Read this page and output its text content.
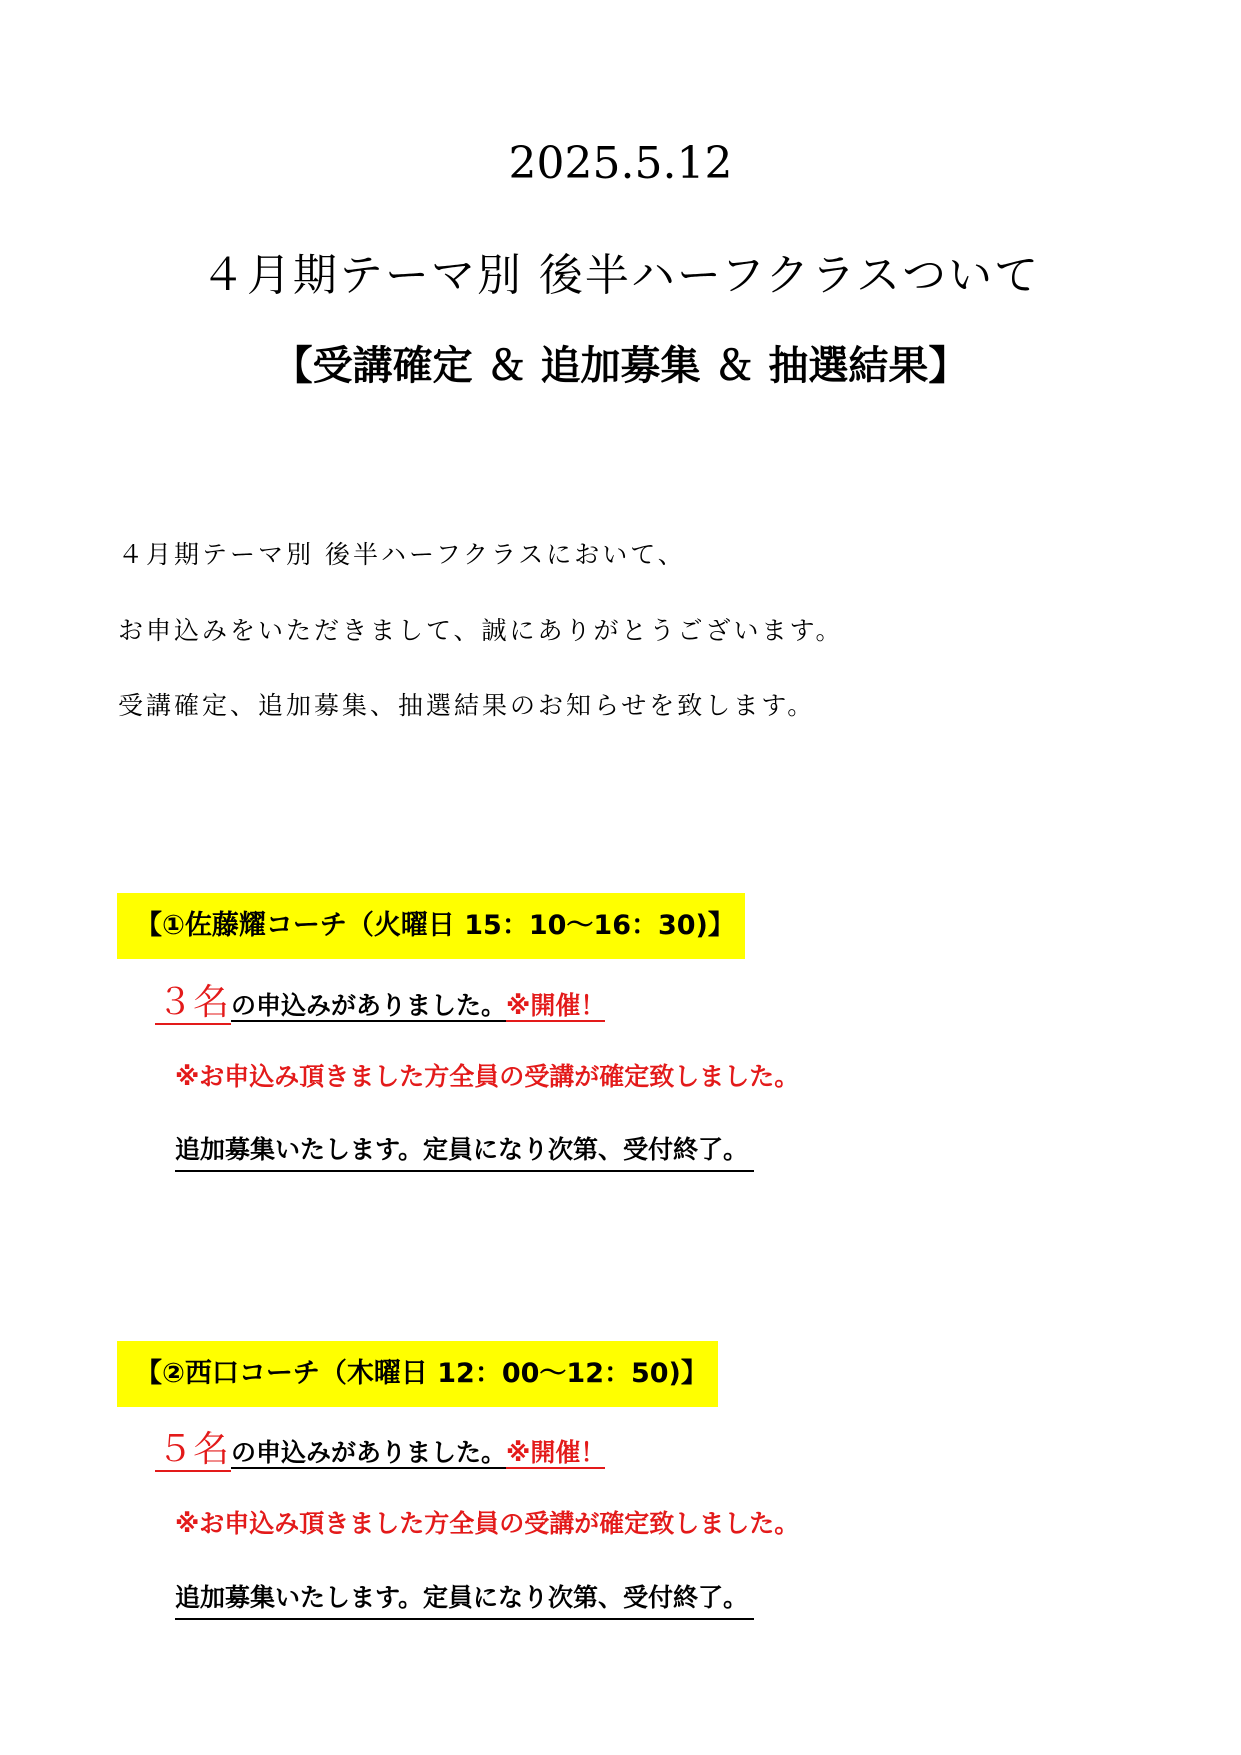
2025.5.12
４月期テーマ別 後半ハーフクラスついて
【受講確定 ＆ 追加募集 ＆ 抽選結果】
４月期テーマ別 後半ハーフクラスにおいて、
お申込みをいただきまして、誠にありがとうございます。
受講確定、追加募集、抽選結果のお知らせを致します。
【①佐藤耀コーチ（火曜日 15：10～16：30)】
３名の申込みがありました。※開催！
※お申込み頂きました方全員の受講が確定致しました。
追加募集いたします。定員になり次第、受付終了。
【②西口コーチ（木曜日 12：00～12：50)】
５名の申込みがありました。※開催！
※お申込み頂きました方全員の受講が確定致しました。
追加募集いたします。定員になり次第、受付終了。
